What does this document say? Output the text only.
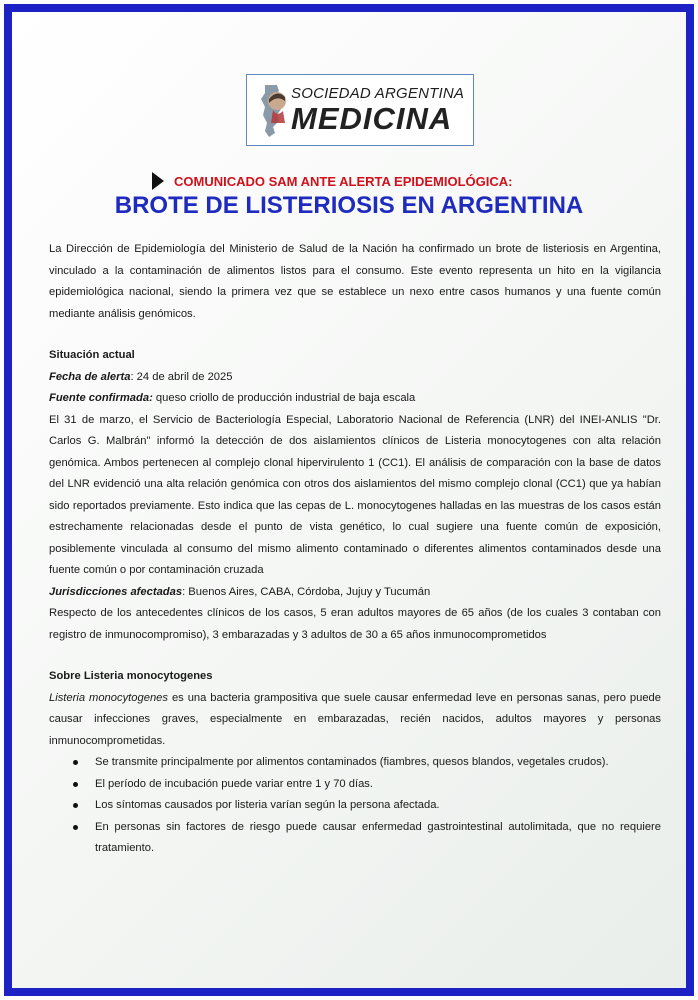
SOCIEDAD ARGENTINA
MEDICINA
COMUNICADO SAM ANTE ALERTA EPIDEMIOLÓGICA:
BROTE DE LISTERIOSIS EN ARGENTINA

La Dirección de Epidemiología del Ministerio de Salud de la Nación ha confirmado un brote de listeriosis en Argentina, vinculado a la contaminación de alimentos listos para el consumo. Este evento representa un hito en la vigilancia epidemiológica nacional, siendo la primera vez que se establece un nexo entre casos humanos y una fuente común mediante análisis genómicos.

Situación actual

Fecha de alerta: 24 de abril de 2025

Fuente confirmada: queso criollo de producción industrial de baja escala

El 31 de marzo, el Servicio de Bacteriología Especial, Laboratorio Nacional de Referencia (LNR) del INEI-ANLIS "Dr. Carlos G. Malbrán" informó la detección de dos aislamientos clínicos de Listeria monocytogenes con alta relación genómica. Ambos pertenecen al complejo clonal hipervirulento 1 (CC1). El análisis de comparación con la base de datos del LNR evidenció una alta relación genómica con otros dos aislamientos del mismo complejo clonal (CC1) que ya habían sido reportados previamente. Esto indica que las cepas de L. monocytogenes halladas en las muestras de los casos están estrechamente relacionadas desde el punto de vista genético, lo cual sugiere una fuente común de exposición, posiblemente vinculada al consumo del mismo alimento contaminado o diferentes alimentos contaminados desde una fuente común o por contaminación cruzada

Jurisdicciones afectadas: Buenos Aires, CABA, Córdoba, Jujuy y Tucumán

Respecto de los antecedentes clínicos de los casos, 5 eran adultos mayores de 65 años (de los cuales 3 contaban con registro de inmunocompromiso), 3 embarazadas y 3 adultos de 30 a 65 años inmunocomprometidos

Sobre Listeria monocytogenes

Listeria monocytogenes es una bacteria grampositiva que suele causar enfermedad leve en personas sanas, pero puede causar infecciones graves, especialmente en embarazadas, recién nacidos, adultos mayores y personas inmunocomprometidas.

Se transmite principalmente por alimentos contaminados (fiambres, quesos blandos, vegetales crudos).
El período de incubación puede variar entre 1 y 70 días.
Los síntomas causados por listeria varían según la persona afectada.
En personas sin factores de riesgo puede causar enfermedad gastrointestinal autolimitada, que no requiere tratamiento.
